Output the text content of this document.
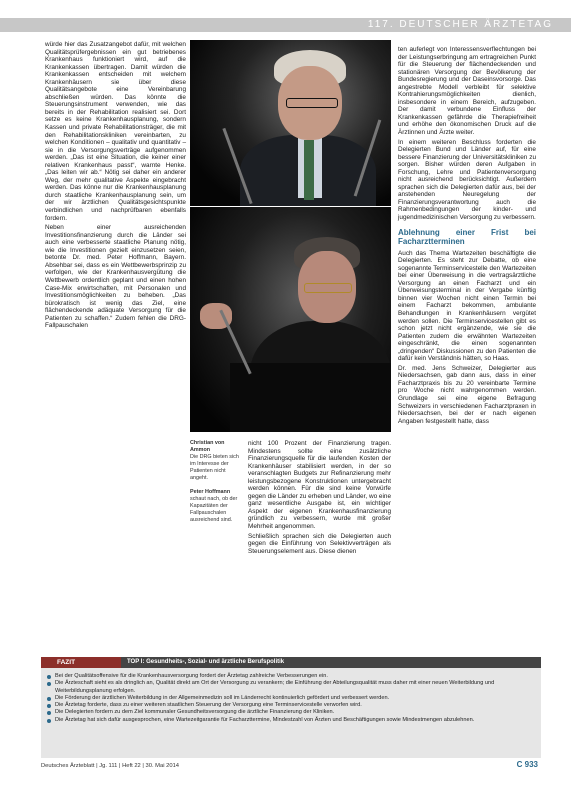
117. DEUTSCHER ÄRZTETAG

würde hier das Zusatzangebot dafür, mit welchen Qualitätsprüfergebnissen ein gut betriebenes Krankenhaus funktioniert wird, auf die Krankenkassen übertragen. Damit würden die Krankenkassen entscheiden mit welchem Krankenhäusern sie über diese Qualitätsangebote eine Vereinbarung abschließen würden. Das könnte die Steuerungsinstrument verwenden, wie das bereits in der Rehabilitation realisiert sei. Dort setze es keine Krankenhausplanung, sondern Kassen und private Rehabilitationsträger, die mit den Rehabilitationskliniken vereinbarten, zu welchen Konditionen – qualitativ und quantitativ – sie in die Versorgungsverträge aufgenommen werden. „Das ist eine Situation, die keiner einer relativen Krankenhaus passt“, warnte Henke. „Das leiten wir ab.“ Nötig sei daher ein anderer Weg, der mehr qualitative Aspekte eingebracht werden. Das könne nur die Krankenhausplanung durch staatliche Krankenhausplanung sein, um der wir ärztlichen Qualitätsgesichtspunkte verbindlichen und nachprüfbaren ebenfalls fordern.

Neben einer ausreichenden Investitionsfinanzierung durch die Länder sei auch eine verbesserte staatliche Planung nötig, wie die Investitionen gezielt einzusetzen seien, betonte Dr. med. Peter Hoffmann, Bayern. Absehbar sei, dass es ein Wettbewerbsprinzip zu verfolgen, wie der Krankenhausvergütung die Wettbewerb ordentlich geplant und einen hohen Case-Mix erwirtschaften, mit Personalen und Investitionsmöglichkeiten zu beheben. „Das bürokratisch ist wenig das Ziel, eine flächendeckende adäquate Versorgung für die Patienten zu schaffen.“ Zudem fehlen die DRG-Fallpauschalen

Christian von Ammon
Die DRG bieten sich im Interesse der Patienten nicht angeht.

Peter Hoffmann
schaut nach, ob der Kapazitäten der Fallpauschalen ausreichend sind.

nicht 100 Prozent der Finanzierung tragen. Mindestens sollte eine zusätzliche Finanzierungsquelle für die laufenden Kosten der Krankenhäuser stabilisiert werden, in der so veranschlagten Budgets zur Refinanzierung mehr leistungsbezogene Konstruktionen untergebracht werden können. Für die sind keine Vorwürfe gegen die Länder zu erheben und Länder, wo eine ganz wesentliche Ausgabe ist, ein wichtiger Aspekt der eigenen Krankenhausfinanzierung gründlich zu verbessern, wurde mit großer Mehrheit angenommen.

Schließlich sprachen sich die Delegierten auch gegen die Einführung von Selektivverträgen als Steuerungselement aus. Diese dienen

ten auferlegt von Interessensverflechtungen bei der Leistungserbringung am ertragreichen Punkt für die Steuerung der flächendeckenden und stationären Versorgung der Bevölkerung der Bundesregierung und der Daseinsvorsorge. Das angestrebte Modell verbleibt für selektive Kontrahierungsmöglichkeiten dienlich, insbesondere in einem Bereich, aufzugeben. Der damit verbundene Einfluss der Krankenkassen gefährde die Therapiefreiheit und erhöhe den ökonomischen Druck auf die Ärztinnen und Ärzte weiter.

In einem weiteren Beschluss forderten die Delegierten Bund und Länder auf, für eine bessere Finanzierung der Universitätskliniken zu sorgen. Bisher würden deren Aufgaben in Forschung, Lehre und Patientenversorgung nicht ausreichend berücksichtigt. Außerdem sprachen sich die Delegierten dafür aus, bei der anstehenden Neuregelung der Finanzierungsverantwortung auch die Rahmenbedingungen der kinder- und jugendmedizinischen Versorgung zu verbessern.

Ablehnung einer Frist bei Facharztterminen

Auch das Thema Wartezeiten beschäftigte die Delegierten. Es steht zur Debatte, ob eine sogenannte Terminservicestelle den Wartezeiten bei einer Überweisung in die vertragsärztliche Versorgung an einen Facharzt und ein Überweisungsterminal in der Vergabe künftig binnen vier Wochen nicht einen Termin bei einem Facharzt bekommen, ambulante Behandlungen in Krankenhäusern vergütet werden sollen. Die Terminservicestellen gibt es schon jetzt nicht ergänzende, wie sie die Patienten zudem die erwähnten Wartezeiten eingeschränkt, die einen sogenannten „dringenden“ Diskussionen zu den Patienten die dafür kein Verständnis hätten, so Haas.

Dr. med. Jens Schweizer, Delegierter aus Niedersachsen, gab dann aus, dass in einer Facharztpraxis bis zu 20 vereinbarte Termine pro Woche nicht wahrgenommen werden. Grundlage sei eine eigene Befragung Schweizers in verschiedenen Facharztpraxen in Niedersachsen, bei der er nach eigenen Angaben festgestellt hatte, dass

FAZIT	TOP I: Gesundheits-, Sozial- und ärztliche Berufspolitik
Bei der Qualitätsoffensive für die Krankenhausversorgung fordert der Ärztetag zahlreiche Verbesserungen ein.
Die Ärzteschaft sieht es als dringlich an, Qualität direkt am Ort der Versorgung zu verankern; die Einführung der Abteilungsqualität muss daher mit einer neuen Weiterbildung und Weiterbildungsplanung erfolgen.
Die Förderung der ärztlichen Weiterbildung in der Allgemeinmedizin soll im Länderrecht kontinuierlich gefördert und verbessert werden.
Die Ärztetag forderte, dass zu einer weiteren staatlichen Steuerung der Versorgung eine Terminservicestelle verworfen wird.
Die Delegierten fordern zu dem Ziel kommunaler Gesundheitsversorgung die ärztliche Finanzierung der Kliniken.
Die Ärztetag hat sich dafür ausgesprochen, eine Wartezeitgarantie für Facharzttermine, Mindestzahl von Ärzten und Beschäftigungen sowie Mindestmengen abzulehnen.
Deutsches Ärzteblatt | Jg. 111 | Heft 22 | 30. Mai 2014	C 933
